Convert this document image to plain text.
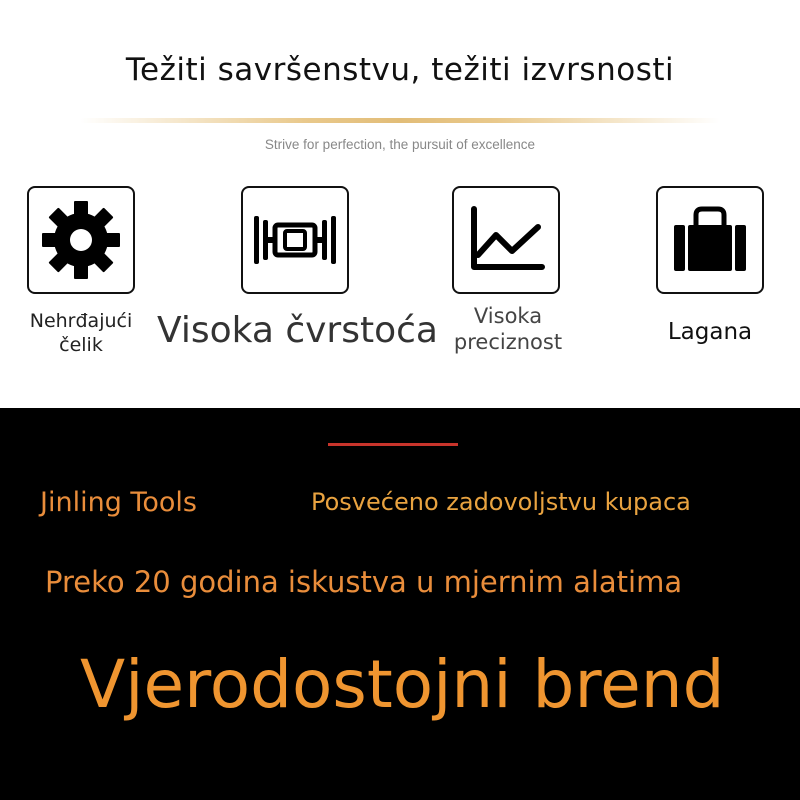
Težiti savršenstvu, težiti izvrsnosti
Strive for perfection, the pursuit of excellence
Nehrđajući
čelik	Visoka čvrstoća	Visoka
preciznost	Lagana
Jinling Tools	Posvećeno zadovoljstvu kupaca
Preko 20 godina iskustva u mjernim alatima
Vjerodostojni brend
